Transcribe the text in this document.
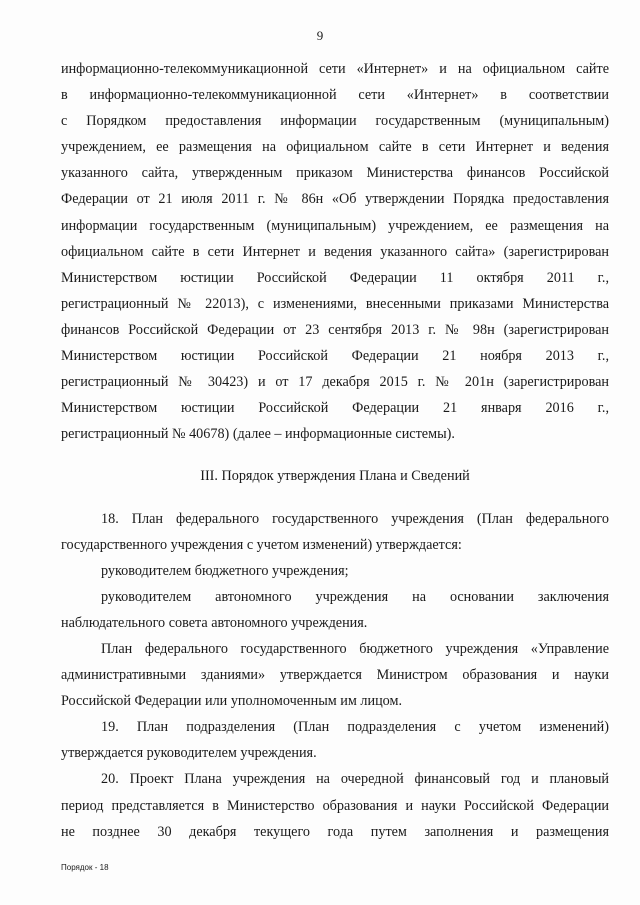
9
информационно-телекоммуникационной сети «Интернет» и на официальном сайте
в информационно-телекоммуникационной сети «Интернет» в соответствии
с Порядком предоставления информации государственным (муниципальным)
учреждением, ее размещения на официальном сайте в сети Интернет и ведения
указанного сайта, утвержденным приказом Министерства финансов Российской
Федерации от 21 июля 2011 г. № 86н «Об утверждении Порядка предоставления
информации государственным (муниципальным) учреждением, ее размещения на
официальном сайте в сети Интернет и ведения указанного сайта» (зарегистрирован
Министерством юстиции Российской Федерации 11 октября 2011 г.,
регистрационный № 22013), с изменениями, внесенными приказами Министерства
финансов Российской Федерации от 23 сентября 2013 г. № 98н (зарегистрирован
Министерством юстиции Российской Федерации 21 ноября 2013 г.,
регистрационный № 30423) и от 17 декабря 2015 г. № 201н (зарегистрирован
Министерством юстиции Российской Федерации 21 января 2016 г.,
регистрационный № 40678) (далее – информационные системы).
III. Порядок утверждения Плана и Сведений
18. План федерального государственного учреждения (План федерального
государственного учреждения с учетом изменений) утверждается:
руководителем бюджетного учреждения;
руководителем автономного учреждения на основании заключения
наблюдательного совета автономного учреждения.
План федерального государственного бюджетного учреждения «Управление
административными зданиями» утверждается Министром образования и науки
Российской Федерации или уполномоченным им лицом.
19. План подразделения (План подразделения с учетом изменений)
утверждается руководителем учреждения.
20. Проект Плана учреждения на очередной финансовый год и плановый
период представляется в Министерство образования и науки Российской Федерации
не позднее 30 декабря текущего года путем заполнения и размещения
Порядок - 18
